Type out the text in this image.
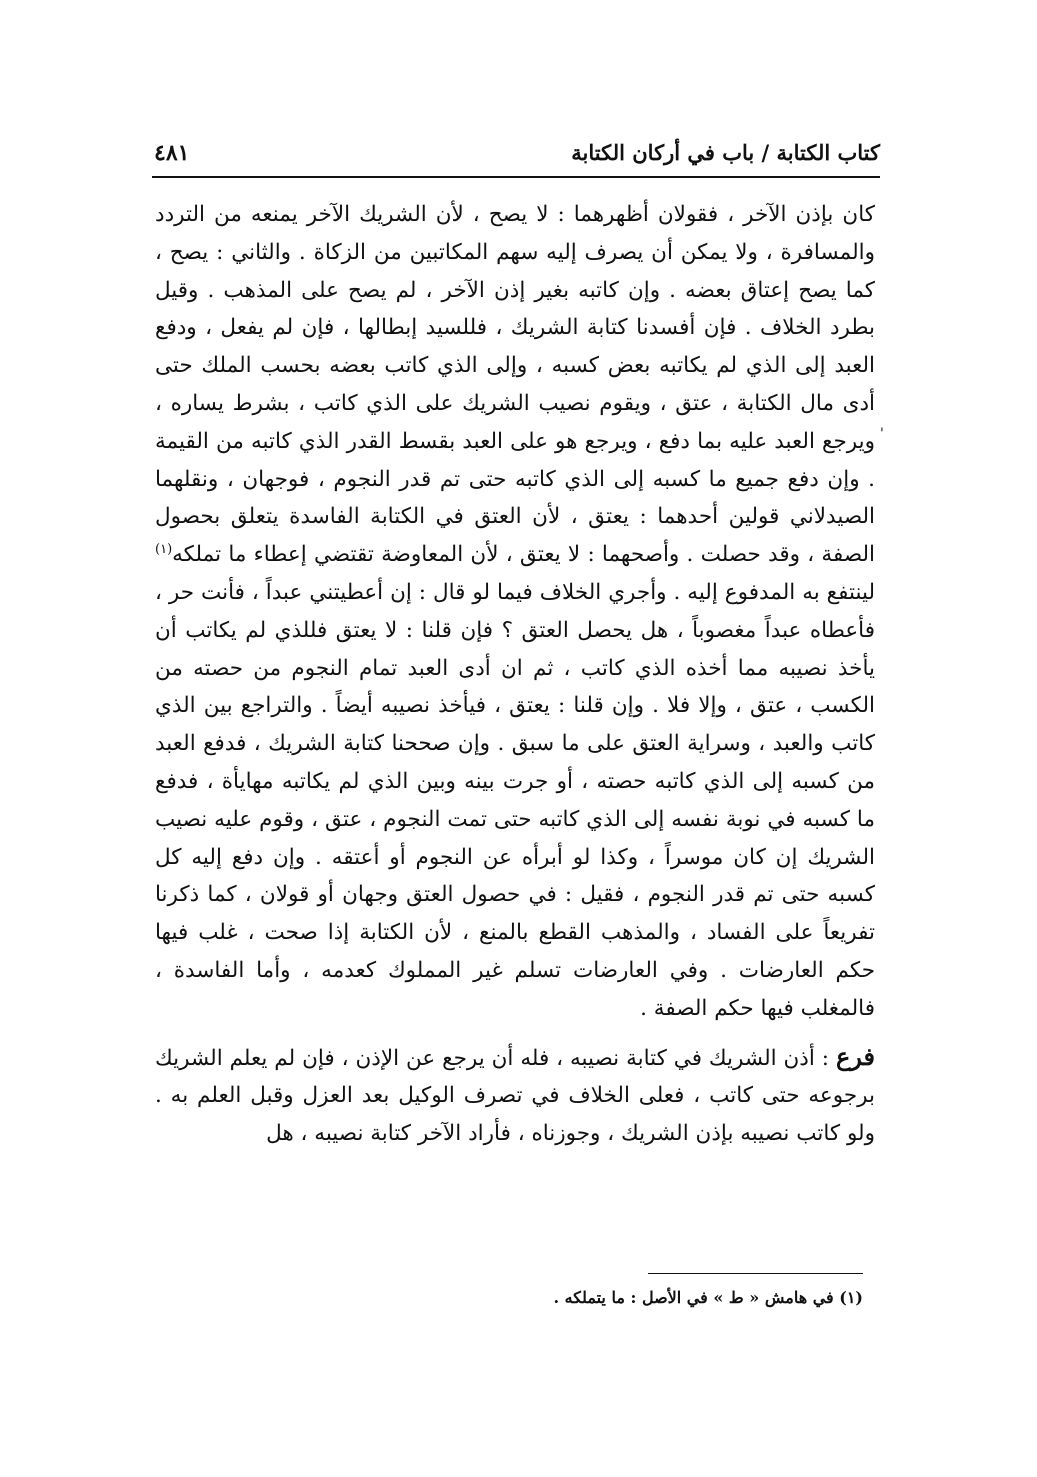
كتاب الكتابة / باب في أركان الكتابة
٤٨١
'

كان بإذن الآخر ، فقولان أظهرهما : لا يصح ، لأن الشريك الآخر يمنعه من التردد والمسافرة ، ولا يمكن أن يصرف إليه سهم المكاتبين من الزكاة . والثاني : يصح ، كما يصح إعتاق بعضه . وإن كاتبه بغير إذن الآخر ، لم يصح على المذهب . وقيل بطرد الخلاف . فإن أفسدنا كتابة الشريك ، فللسيد إبطالها ، فإن لم يفعل ، ودفع العبد إلى الذي لم يكاتبه بعض كسبه ، وإلى الذي كاتب بعضه بحسب الملك حتى أدى مال الكتابة ، عتق ، ويقوم نصيب الشريك على الذي كاتب ، بشرط يساره ، ويرجع العبد عليه بما دفع ، ويرجع هو على العبد بقسط القدر الذي كاتبه من القيمة . وإن دفع جميع ما كسبه إلى الذي كاتبه حتى تم قدر النجوم ، فوجهان ، ونقلهما الصيدلاني قولين أحدهما : يعتق ، لأن العتق في الكتابة الفاسدة يتعلق بحصول الصفة ، وقد حصلت . وأصحهما : لا يعتق ، لأن المعاوضة تقتضي إعطاء ما تملكه$^{(١)}$ لينتفع به المدفوع إليه . وأجري الخلاف فيما لو قال : إن أعطيتني عبداً ، فأنت حر ، فأعطاه عبداً مغصوباً ، هل يحصل العتق ؟ فإن قلنا : لا يعتق فللذي لم يكاتب أن يأخذ نصيبه مما أخذه الذي كاتب ، ثم ان أدى العبد تمام النجوم من حصته من الكسب ، عتق ، وإلا فلا . وإن قلنا : يعتق ، فيأخذ نصيبه أيضاً . والتراجع بين الذي كاتب والعبد ، وسراية العتق على ما سبق . وإن صححنا كتابة الشريك ، فدفع العبد من كسبه إلى الذي كاتبه حصته ، أو جرت بينه وبين الذي لم يكاتبه مهايأة ، فدفع ما كسبه في نوبة نفسه إلى الذي كاتبه حتى تمت النجوم ، عتق ، وقوم عليه نصيب الشريك إن كان موسراً ، وكذا لو أبرأه عن النجوم أو أعتقه . وإن دفع إليه كل كسبه حتى تم قدر النجوم ، فقيل : في حصول العتق وجهان أو قولان ، كما ذكرنا تفريعاً على الفساد ، والمذهب القطع بالمنع ، لأن الكتابة إذا صحت ، غلب فيها حكم العارضات . وفي العارضات تسلم غير المملوك كعدمه ، وأما الفاسدة ، فالمغلب فيها حكم الصفة .

فرع : أذن الشريك في كتابة نصيبه ، فله أن يرجع عن الإذن ، فإن لم يعلم الشريك برجوعه حتى كاتب ، فعلى الخلاف في تصرف الوكيل بعد العزل وقبل العلم به . ولو كاتب نصيبه بإذن الشريك ، وجوزناه ، فأراد الآخر كتابة نصيبه ، هل

(١) في هامش « ط » في الأصل : ما يتملكه .
